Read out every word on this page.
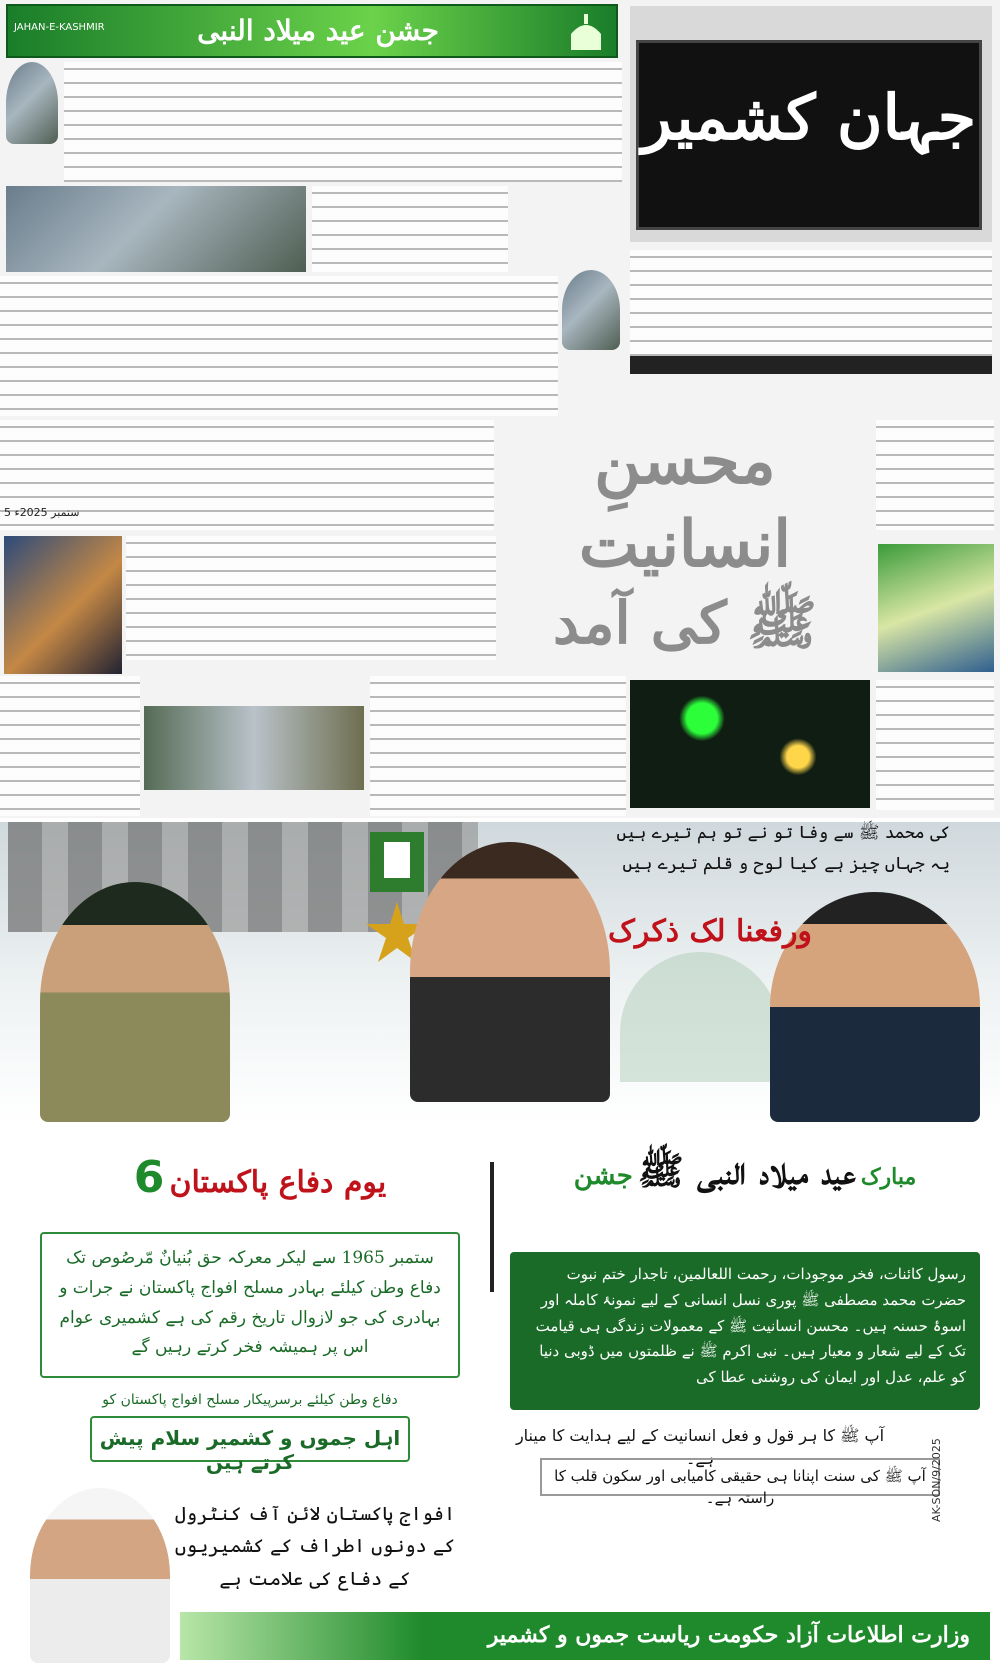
JAHAN-E-KASHMIR	جشن عید میلاد النبی
جہان کشمیر
محسنِ انسانیت
ﷺ کی آمد
5 ستمبر 2025ء
کی محمد ﷺ سے وفا تو نے تو ہم تیرے ہیں
یہ جہاں چیز ہے کیا لوح و قلم تیرے ہیں
ورفعنا لک ذکرک
6 یوم دفاع پاکستان
ستمبر 1965 سے لیکر معرکہ حق بُنیانٌ مّرصُوص تک دفاع وطن کیلئے بہادر مسلح افواج پاکستان نے جرات و بہادری کی جو لازوال تاریخ رقم کی ہے کشمیری عوام اس پر ہمیشہ فخر کرتے رہیں گے
دفاع وطن کیلئے برسرپیکار مسلح افواج پاکستان کو
اہل جموں و کشمیر سلام پیش کرتے ہیں
افواج پاکستان لائن آف کنٹرول کے دونوں اطراف کے کشمیریوں کے دفاع کی علامت ہے
مبارک عید میلاد النبی ﷺ جشن
رسول کائنات، فخر موجودات، رحمت اللعالمین، تاجدار ختم نبوت حضرت محمد مصطفی ﷺ پوری نسل انسانی کے لیے نمونۂ کاملہ اور اسوۂ حسنہ ہیں۔ محسن انسانیت ﷺ کے معمولات زندگی ہی قیامت تک کے لیے شعار و معیار ہیں۔ نبی اکرم ﷺ نے ظلمتوں میں ڈوبی دنیا کو علم، عدل اور ایمان کی روشنی عطا کی
آپ ﷺ کا ہر قول و فعل انسانیت کے لیے ہدایت کا مینار ہے۔
آپ ﷺ کی سنت اپنانا ہی حقیقی کامیابی اور سکون قلب کا راستہ ہے۔	AK-SON/9/2025
وزارت اطلاعات آزاد حکومت ریاست جموں و کشمیر
